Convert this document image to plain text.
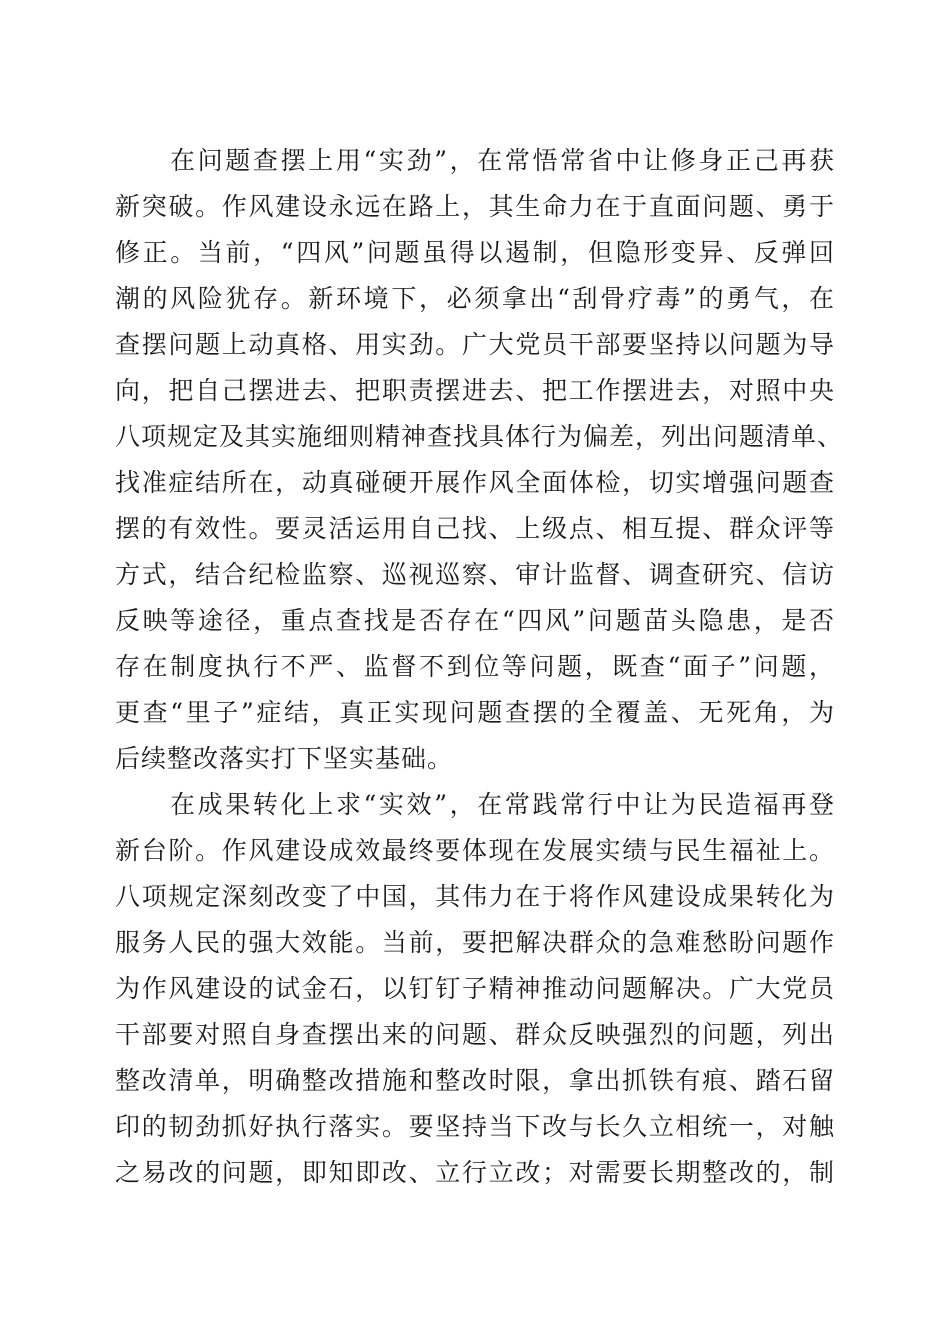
在问题查摆上用“实劲”，在常悟常省中让修身正己再获
新突破。作风建设永远在路上，其生命力在于直面问题、勇于
修正。当前，“四风”问题虽得以遏制，但隐形变异、反弹回
潮的风险犹存。新环境下，必须拿出“刮骨疗毒”的勇气，在
查摆问题上动真格、用实劲。广大党员干部要坚持以问题为导
向，把自己摆进去、把职责摆进去、把工作摆进去，对照中央
八项规定及其实施细则精神查找具体行为偏差，列出问题清单、
找准症结所在，动真碰硬开展作风全面体检，切实增强问题查
摆的有效性。要灵活运用自己找、上级点、相互提、群众评等
方式，结合纪检监察、巡视巡察、审计监督、调查研究、信访
反映等途径，重点查找是否存在“四风”问题苗头隐患，是否
存在制度执行不严、监督不到位等问题，既查“面子”问题，
更查“里子”症结，真正实现问题查摆的全覆盖、无死角，为
后续整改落实打下坚实基础。
在成果转化上求“实效”，在常践常行中让为民造福再登
新台阶。作风建设成效最终要体现在发展实绩与民生福祉上。
八项规定深刻改变了中国，其伟力在于将作风建设成果转化为
服务人民的强大效能。当前，要把解决群众的急难愁盼问题作
为作风建设的试金石，以钉钉子精神推动问题解决。广大党员
干部要对照自身查摆出来的问题、群众反映强烈的问题，列出
整改清单，明确整改措施和整改时限，拿出抓铁有痕、踏石留
印的韧劲抓好执行落实。要坚持当下改与长久立相统一，对触
之易改的问题，即知即改、立行立改；对需要长期整改的，制
